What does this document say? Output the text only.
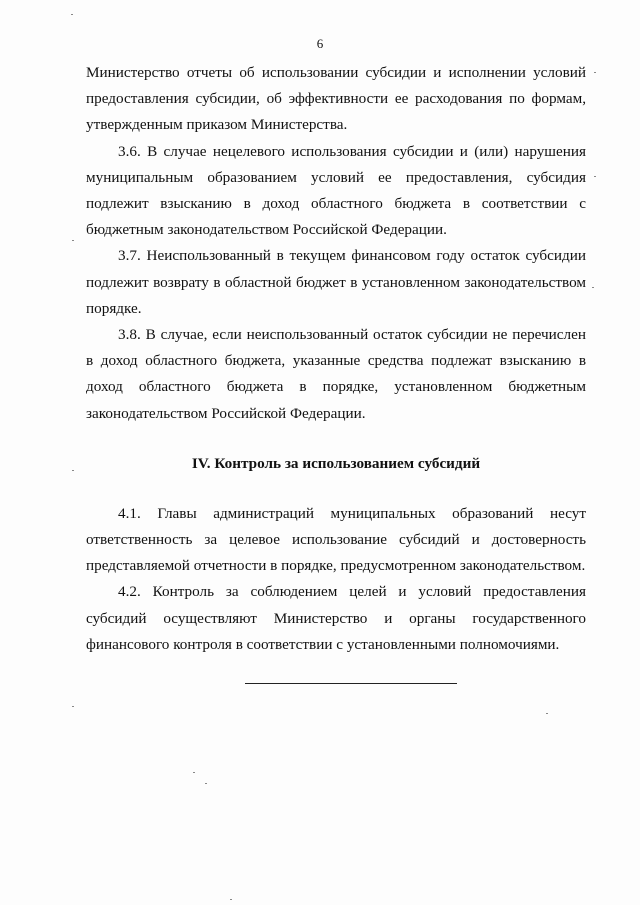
6

Министерство отчеты об использовании субсидии и исполнении условий предоставления субсидии, об эффективности ее расходования по формам, утвержденным приказом Министерства.

3.6. В случае нецелевого использования субсидии и (или) нарушения муниципальным образованием условий ее предоставления, субсидия подлежит взысканию в доход областного бюджета в соответствии с бюджетным законодательством Российской Федерации.

3.7. Неиспользованный в текущем финансовом году остаток субсидии подлежит возврату в областной бюджет в установленном законодательством порядке.

3.8. В случае, если неиспользованный остаток субсидии не перечислен в доход областного бюджета, указанные средства подлежат взысканию в доход областного бюджета в порядке, установленном бюджетным законодательством Российской Федерации.

IV. Контроль за использованием субсидий

4.1. Главы администраций муниципальных образований несут ответственность за целевое использование субсидий и достоверность представляемой отчетности в порядке, предусмотренном законодательством.

4.2. Контроль за соблюдением целей и условий предоставления субсидий осуществляют Министерство и органы государственного финансового контроля в соответствии с установленными полномочиями.
